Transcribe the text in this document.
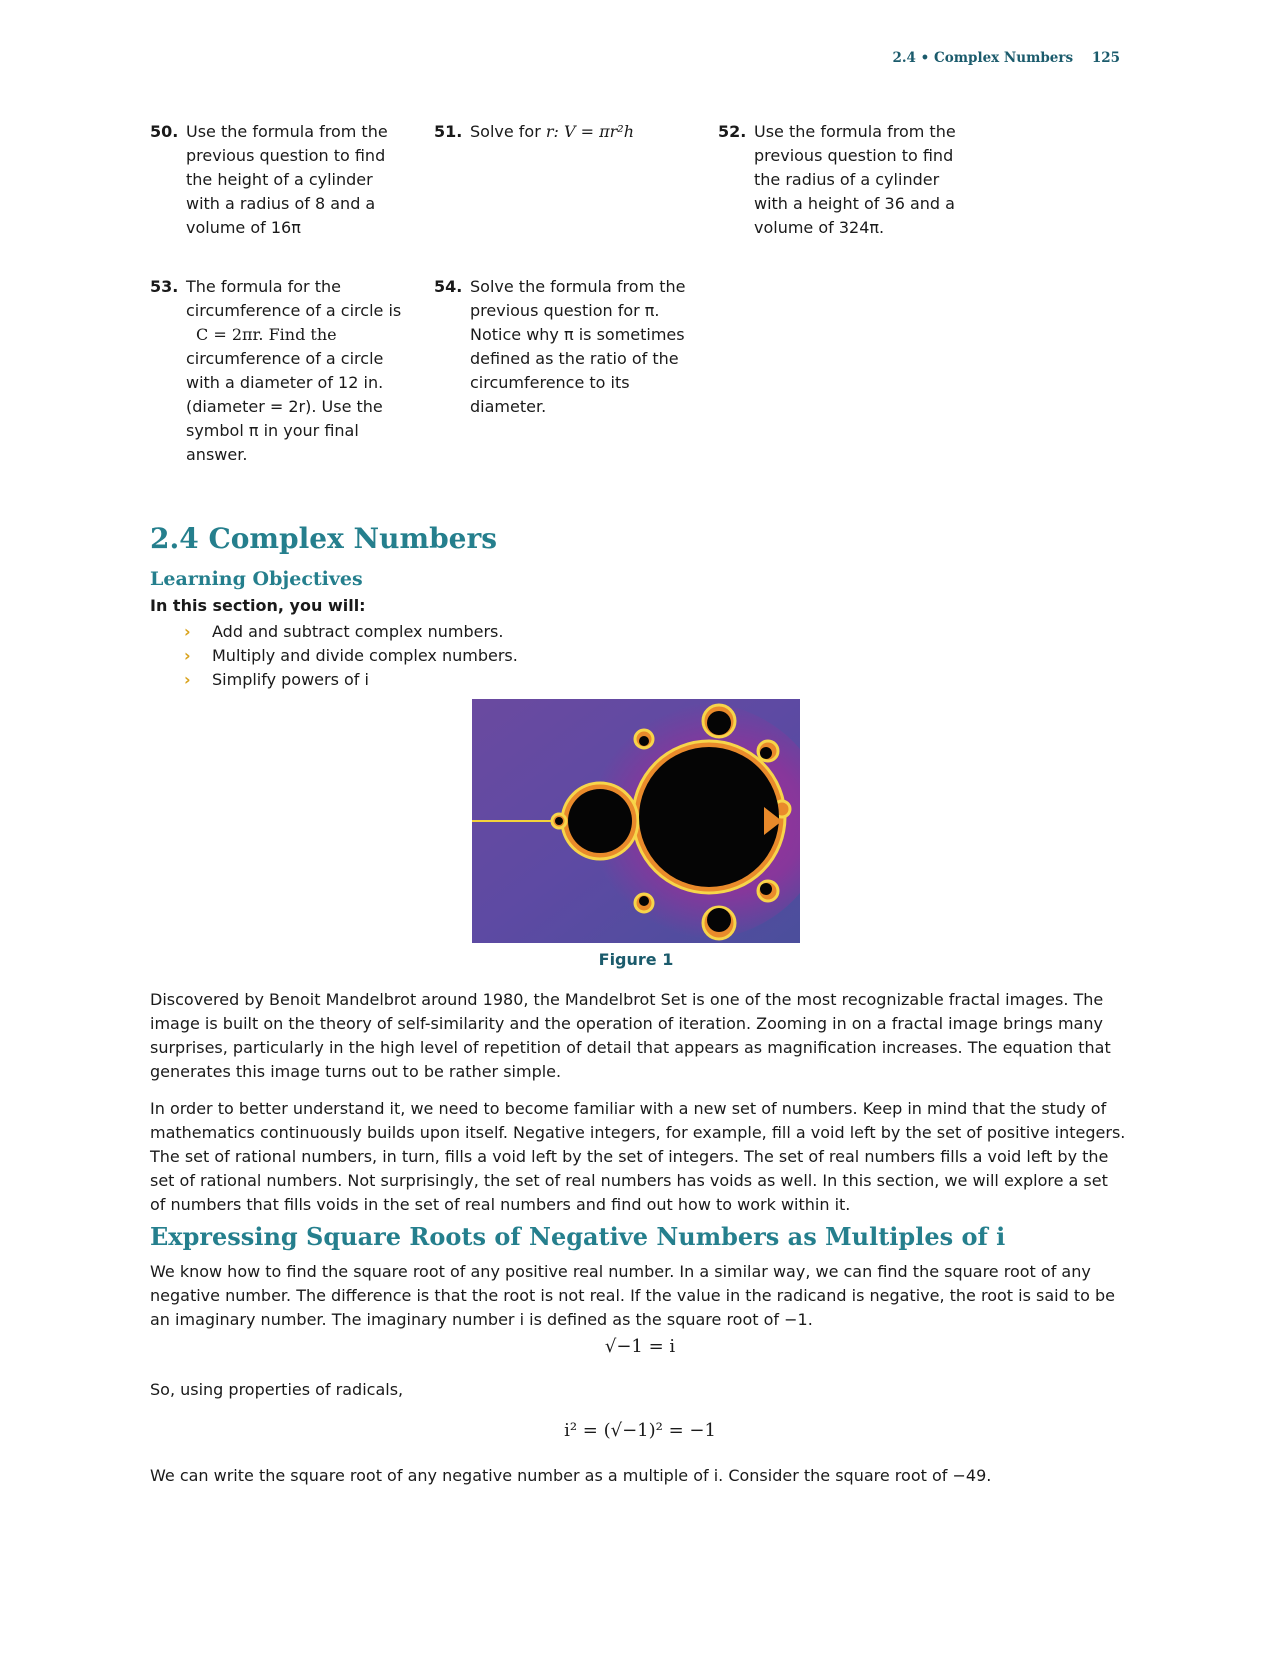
2.4 • Complex Numbers 125
50. Use the formula from the
previous question to find
the height of a cylinder
with a radius of 8 and a
volume of 16π
51. Solve for r: V = πr²h	52. Use the formula from the
previous question to find
the radius of a cylinder
with a height of 36 and a
volume of 324π.
53. The formula for the
circumference of a circle is
C = 2πr. Find the
circumference of a circle
with a diameter of 12 in.
(diameter = 2r). Use the
symbol π in your final
answer.
54. Solve the formula from the
previous question for π.
Notice why π is sometimes
defined as the ratio of the
circumference to its
diameter.
2.4 Complex Numbers
Learning Objectives
In this section, you will:
› Add and subtract complex numbers.
› Multiply and divide complex numbers.
› Simplify powers of i
Figure 1
Discovered by Benoit Mandelbrot around 1980, the Mandelbrot Set is one of the most recognizable fractal images. The
image is built on the theory of self-similarity and the operation of iteration. Zooming in on a fractal image brings many
surprises, particularly in the high level of repetition of detail that appears as magnification increases. The equation that
generates this image turns out to be rather simple.
In order to better understand it, we need to become familiar with a new set of numbers. Keep in mind that the study of
mathematics continuously builds upon itself. Negative integers, for example, fill a void left by the set of positive integers.
The set of rational numbers, in turn, fills a void left by the set of integers. The set of real numbers fills a void left by the
set of rational numbers. Not surprisingly, the set of real numbers has voids as well. In this section, we will explore a set
of numbers that fills voids in the set of real numbers and find out how to work within it.
Expressing Square Roots of Negative Numbers as Multiples of i
We know how to find the square root of any positive real number. In a similar way, we can find the square root of any
negative number. The difference is that the root is not real. If the value in the radicand is negative, the root is said to be
an imaginary number. The imaginary number i is defined as the square root of −1.
√−1 = i
So, using properties of radicals,
i² = (√−1)² = −1
We can write the square root of any negative number as a multiple of i. Consider the square root of −49.
